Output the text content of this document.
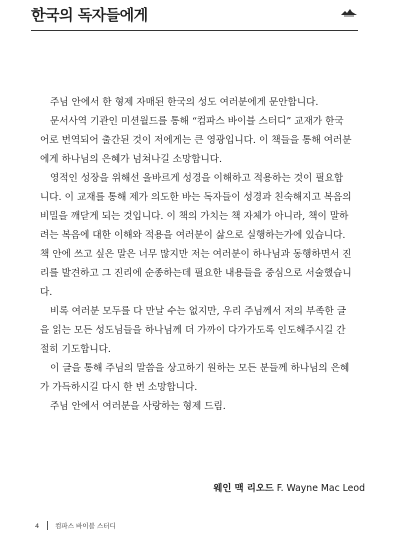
한국의 독자들에게

주님 안에서 한 형제 자매된 한국의 성도 여러분에게 문안합니다.

문서사역 기관인 미션월드를 통해 “컴파스 바이블 스터디” 교재가 한국어로 번역되어 출간된 것이 저에게는 큰 영광입니다. 이 책들을 통해 여러분에게 하나님의 은혜가 넘쳐나길 소망합니다.

영적인 성장을 위해선 올바르게 성경을 이해하고 적용하는 것이 필요합니다. 이 교재를 통해 제가 의도한 바는 독자들이 성경과 친숙해지고 복음의 비밀을 깨닫게 되는 것입니다. 이 책의 가치는 책 자체가 아니라, 책이 말하려는 복음에 대한 이해와 적용을 여러분이 삶으로 실행하는가에 있습니다. 책 안에 쓰고 싶은 말은 너무 많지만 저는 여러분이 하나님과 동행하면서 진리를 발견하고 그 진리에 순종하는데 필요한 내용들을 중심으로 서술했습니다.

비록 여러분 모두를 다 만날 수는 없지만, 우리 주님께서 저의 부족한 글을 읽는 모든 성도님들을 하나님께 더 가까이 다가가도록 인도해주시길 간절히 기도합니다.

이 글을 통해 주님의 말씀을 상고하기 원하는 모든 분들께 하나님의 은혜가 가득하시길 다시 한 번 소망합니다.

주님 안에서 여러분을 사랑하는 형제 드림.

웨인 맥 리오드 F. Wayne Mac Leod
4 컴파스 바이블 스터디
